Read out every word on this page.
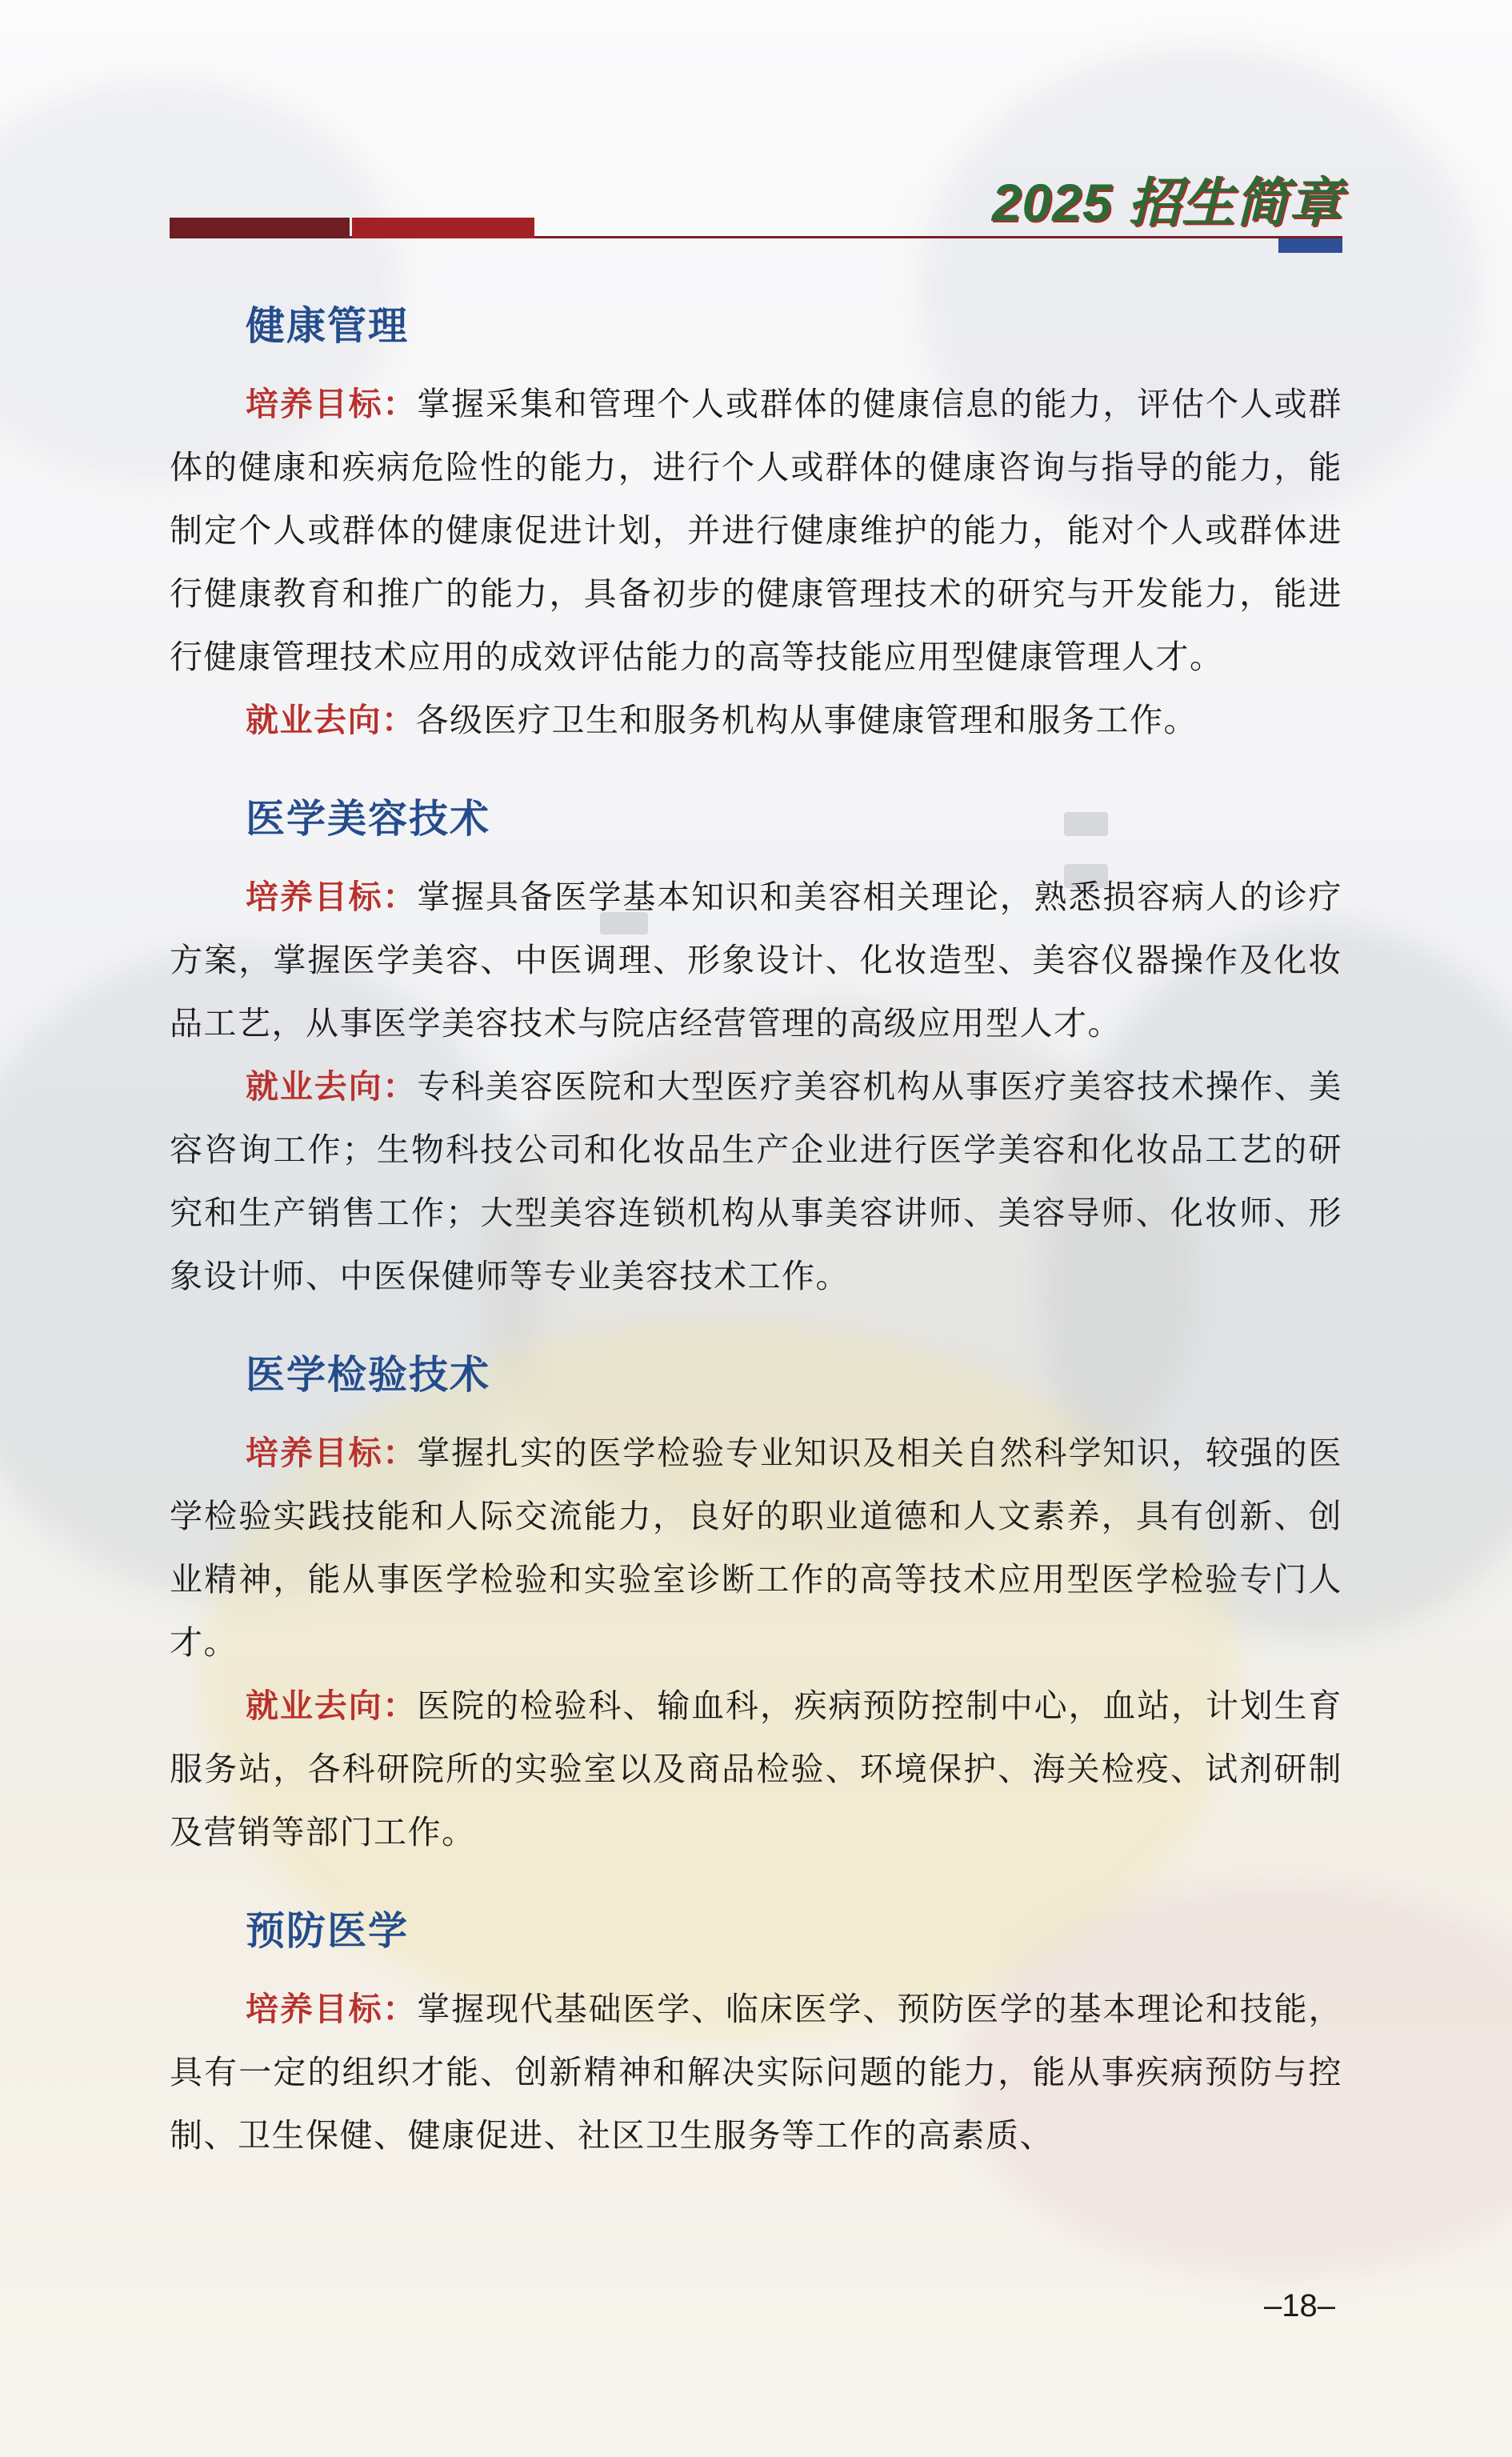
2025 招生简章
健康管理

培养目标：掌握采集和管理个人或群体的健康信息的能力，评估个人或群体的健康和疾病危险性的能力，进行个人或群体的健康咨询与指导的能力，能制定个人或群体的健康促进计划，并进行健康维护的能力，能对个人或群体进行健康教育和推广的能力，具备初步的健康管理技术的研究与开发能力，能进行健康管理技术应用的成效评估能力的高等技能应用型健康管理人才。

就业去向：各级医疗卫生和服务机构从事健康管理和服务工作。

医学美容技术

培养目标：掌握具备医学基本知识和美容相关理论，熟悉损容病人的诊疗方案，掌握医学美容、中医调理、形象设计、化妆造型、美容仪器操作及化妆品工艺，从事医学美容技术与院店经营管理的高级应用型人才。

就业去向：专科美容医院和大型医疗美容机构从事医疗美容技术操作、美容咨询工作；生物科技公司和化妆品生产企业进行医学美容和化妆品工艺的研究和生产销售工作；大型美容连锁机构从事美容讲师、美容导师、化妆师、形象设计师、中医保健师等专业美容技术工作。

医学检验技术

培养目标：掌握扎实的医学检验专业知识及相关自然科学知识，较强的医学检验实践技能和人际交流能力，良好的职业道德和人文素养，具有创新、创业精神，能从事医学检验和实验室诊断工作的高等技术应用型医学检验专门人才。

就业去向：医院的检验科、输血科，疾病预防控制中心，血站，计划生育服务站，各科研院所的实验室以及商品检验、环境保护、海关检疫、试剂研制及营销等部门工作。

预防医学

培养目标：掌握现代基础医学、临床医学、预防医学的基本理论和技能，具有一定的组织才能、创新精神和解决实际问题的能力，能从事疾病预防与控制、卫生保健、健康促进、社区卫生服务等工作的高素质、

–18–
